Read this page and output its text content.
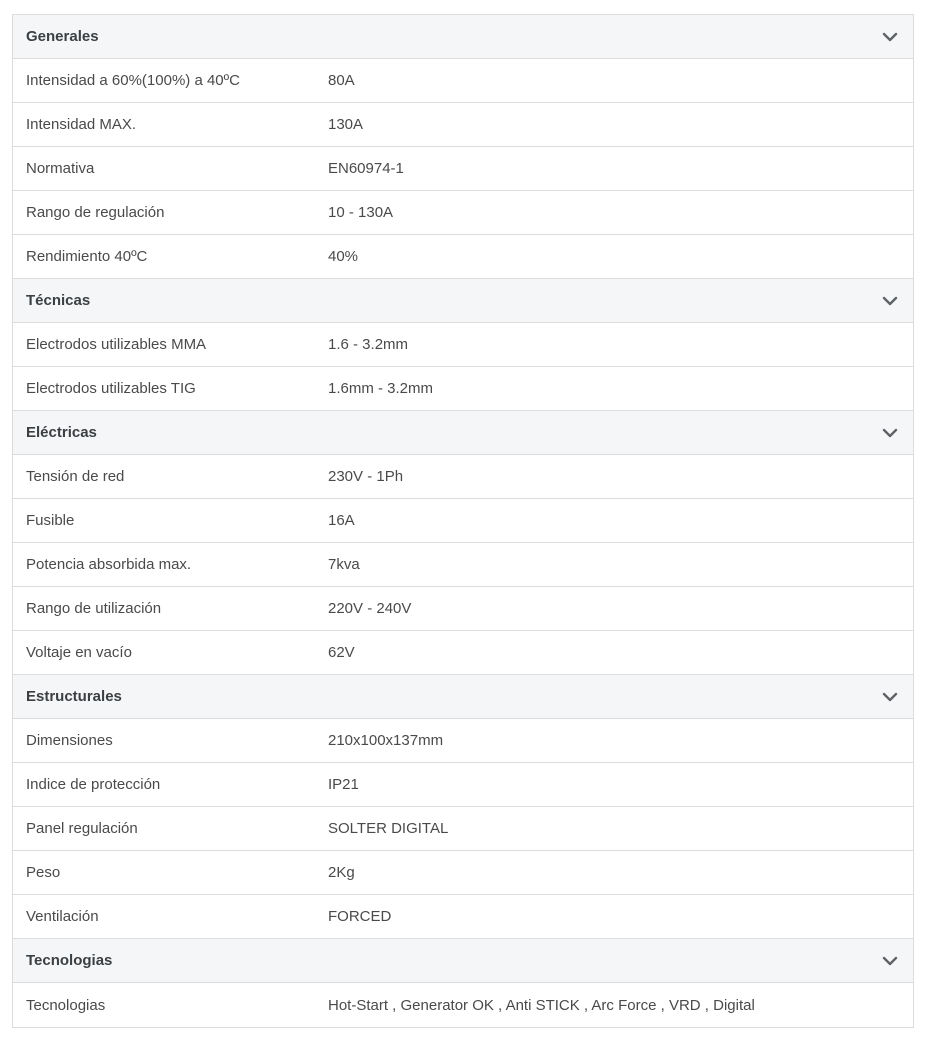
Generales
Intensidad a 60%(100%) a 40ºC	80A
Intensidad MAX.	130A
Normativa	EN60974-1
Rango de regulación	10 - 130A
Rendimiento 40ºC	40%
Técnicas
Electrodos utilizables MMA	1.6 - 3.2mm
Electrodos utilizables TIG	1.6mm - 3.2mm
Eléctricas
Tensión de red	230V - 1Ph
Fusible	16A
Potencia absorbida max.	7kva
Rango de utilización	220V - 240V
Voltaje en vacío	62V
Estructurales
Dimensiones	210x100x137mm
Indice de protección	IP21
Panel regulación	SOLTER DIGITAL
Peso	2Kg
Ventilación	FORCED
Tecnologias
Tecnologias	Hot-Start , Generator OK , Anti STICK , Arc Force , VRD , Digital
